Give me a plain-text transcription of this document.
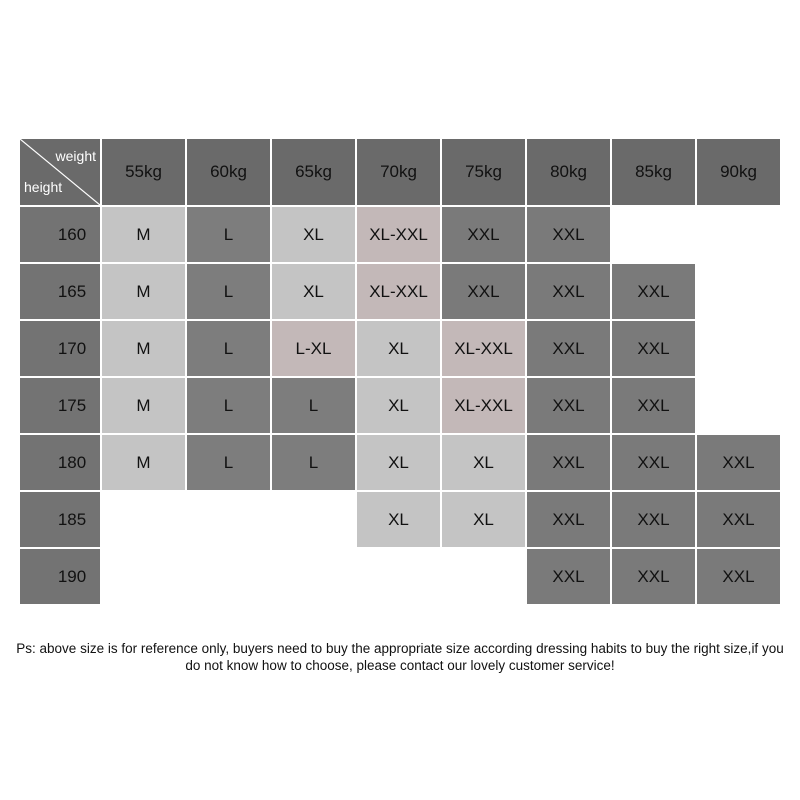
weight
height	55kg	60kg	65kg	70kg	75kg	80kg	85kg	90kg
160	M	L	XL	XL-XXL	XXL	XXL		
165	M	L	XL	XL-XXL	XXL	XXL	XXL	
170	M	L	L-XL	XL	XL-XXL	XXL	XXL	
175	M	L	L	XL	XL-XXL	XXL	XXL	
180	M	L	L	XL	XL	XXL	XXL	XXL
185				XL	XL	XXL	XXL	XXL
190						XXL	XXL	XXL
Ps: above size is for reference only, buyers need to buy the appropriate size according dressing habits to buy the right size,if you do not know how to choose, please contact our lovely customer service!
